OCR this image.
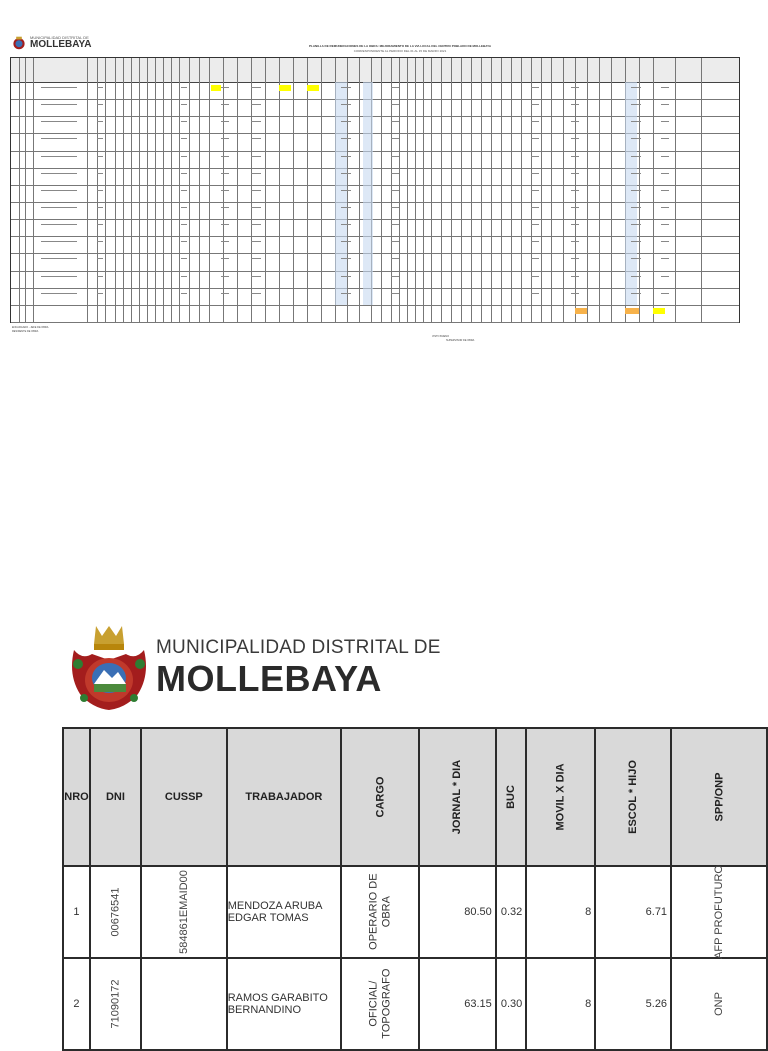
MUNICIPALIDAD DISTRITAL DE
MOLLEBAYA	PLANILLA DE REMUNERACIONES DE LA OBRA: MEJORAMIENTO DE LA VIA LOCAL DEL CENTRO POBLADO DE MOLLEBAYA
CORRESPONDIENTE AL PERIODO DEL 01 AL 15 DE MARZO 2021
ENCARGADO - JEFE DE OBRA
RESIDENTE DE OBRA
VISTO BUENO
SUPERVISOR DE OBRA
MUNICIPALIDAD DISTRITAL DE
MOLLEBAYA
NRO	DNI	CUSSP	TRABAJADOR	CARGO	JORNAL * DIA	BUC	MOVIL X DIA	ESCOL * HIJO	SPP/ONP
1	00676541	584861EMAID00	MENDOZA ARUBA EDGAR TOMAS	OPERARIO DE
OBRA	80.50	0.32	8	6.71	AFP PROFUTURO
2	71090172		RAMOS GARABITO BERNANDINO	OFICIAL/
TOPOGRAFO	63.15	0.30	8	5.26	ONP
